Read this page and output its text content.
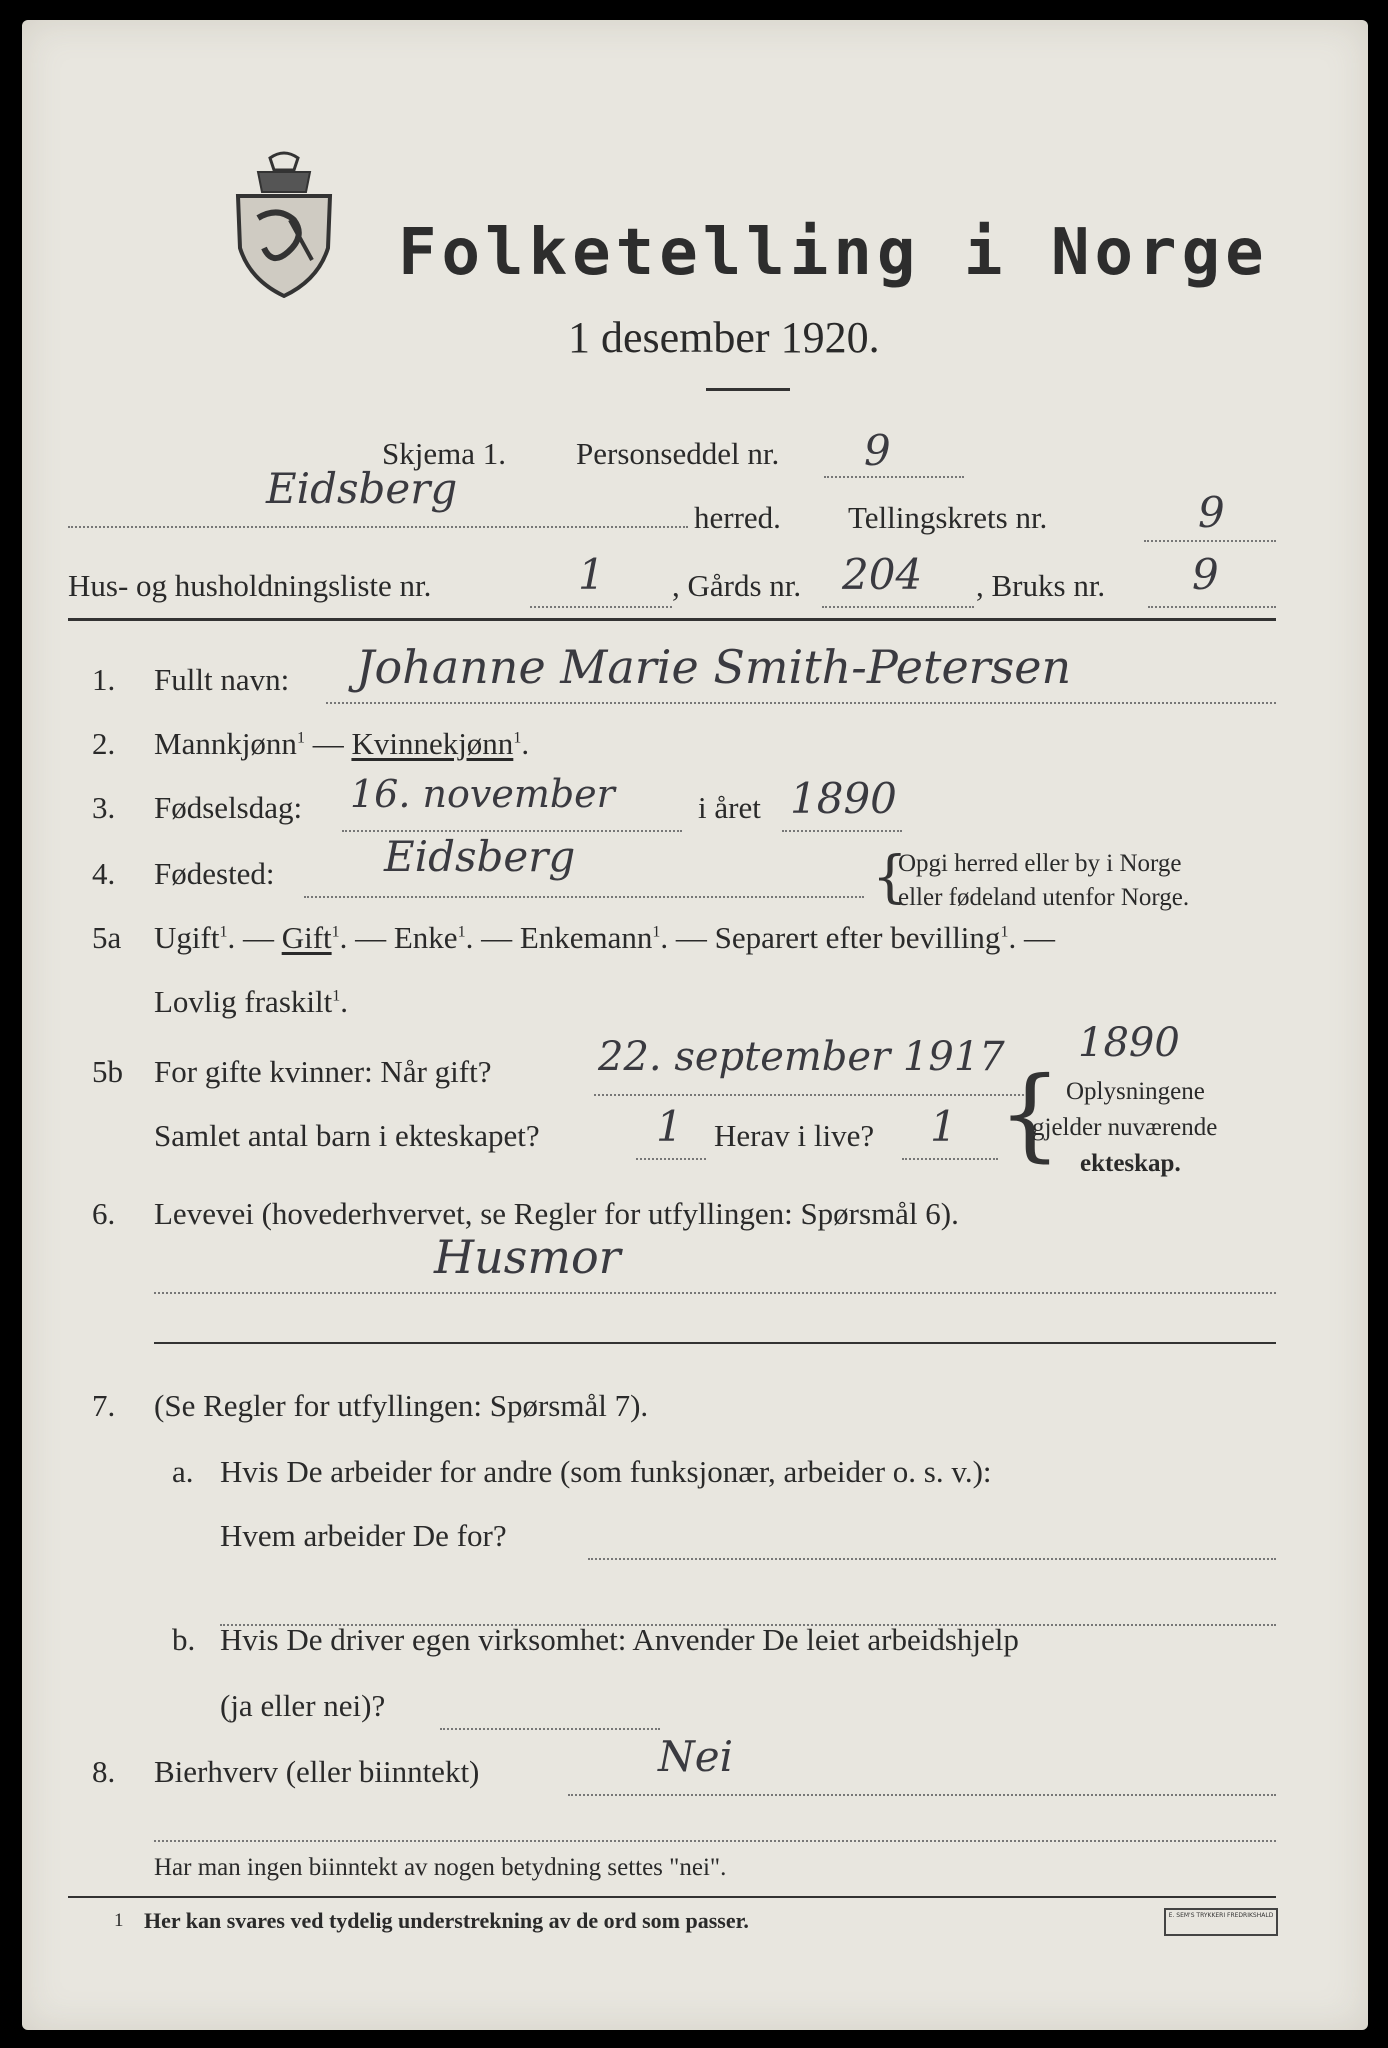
Folketelling i Norge
1 desember 1920.
Skjema 1. Personseddel nr. 9
Eidsberg
herred. Tellingskrets nr.	9
Hus- og husholdningsliste nr.	1 , Gårds nr. 204 , Bruks nr. 9
1. Fullt navn: Johanne Marie Smith-Petersen
2. Mannkjønn$^1$ — Kvinnekjønn$^1$.
3. Fødselsdag: 16. november	i året 1890
4. Fødested:	Eidsberg	{
Opgi herred eller by i Norge
eller fødeland utenfor Norge.
5a Ugift$^1$. — Gift$^1$. — Enke$^1$. — Enkemann$^1$. — Separert efter bevilling$^1$. —
Lovlig fraskilt$^1$.
1890
5b For gifte kvinner: Når gift?	22. september 1917
Samlet antal barn i ekteskapet?	1 Herav i live? 1 { Oplysningene
gjelder nuværende
ekteskap.
6. Levevei (hovederhvervet, se Regler for utfyllingen: Spørsmål 6).
Husmor
7. (Se Regler for utfyllingen: Spørsmål 7).
a. Hvis De arbeider for andre (som funksjonær, arbeider o. s. v.):
Hvem arbeider De for?
b. Hvis De driver egen virksomhet: Anvender De leiet arbeidshjelp
(ja eller nei)?
8. Bierhverv (eller biinntekt)	Nei
Har man ingen biinntekt av nogen betydning settes "nei".
1 Her kan svares ved tydelig understrekning av de ord som passer.	E. SEM'S TRYKKERI FREDRIKSHALD
